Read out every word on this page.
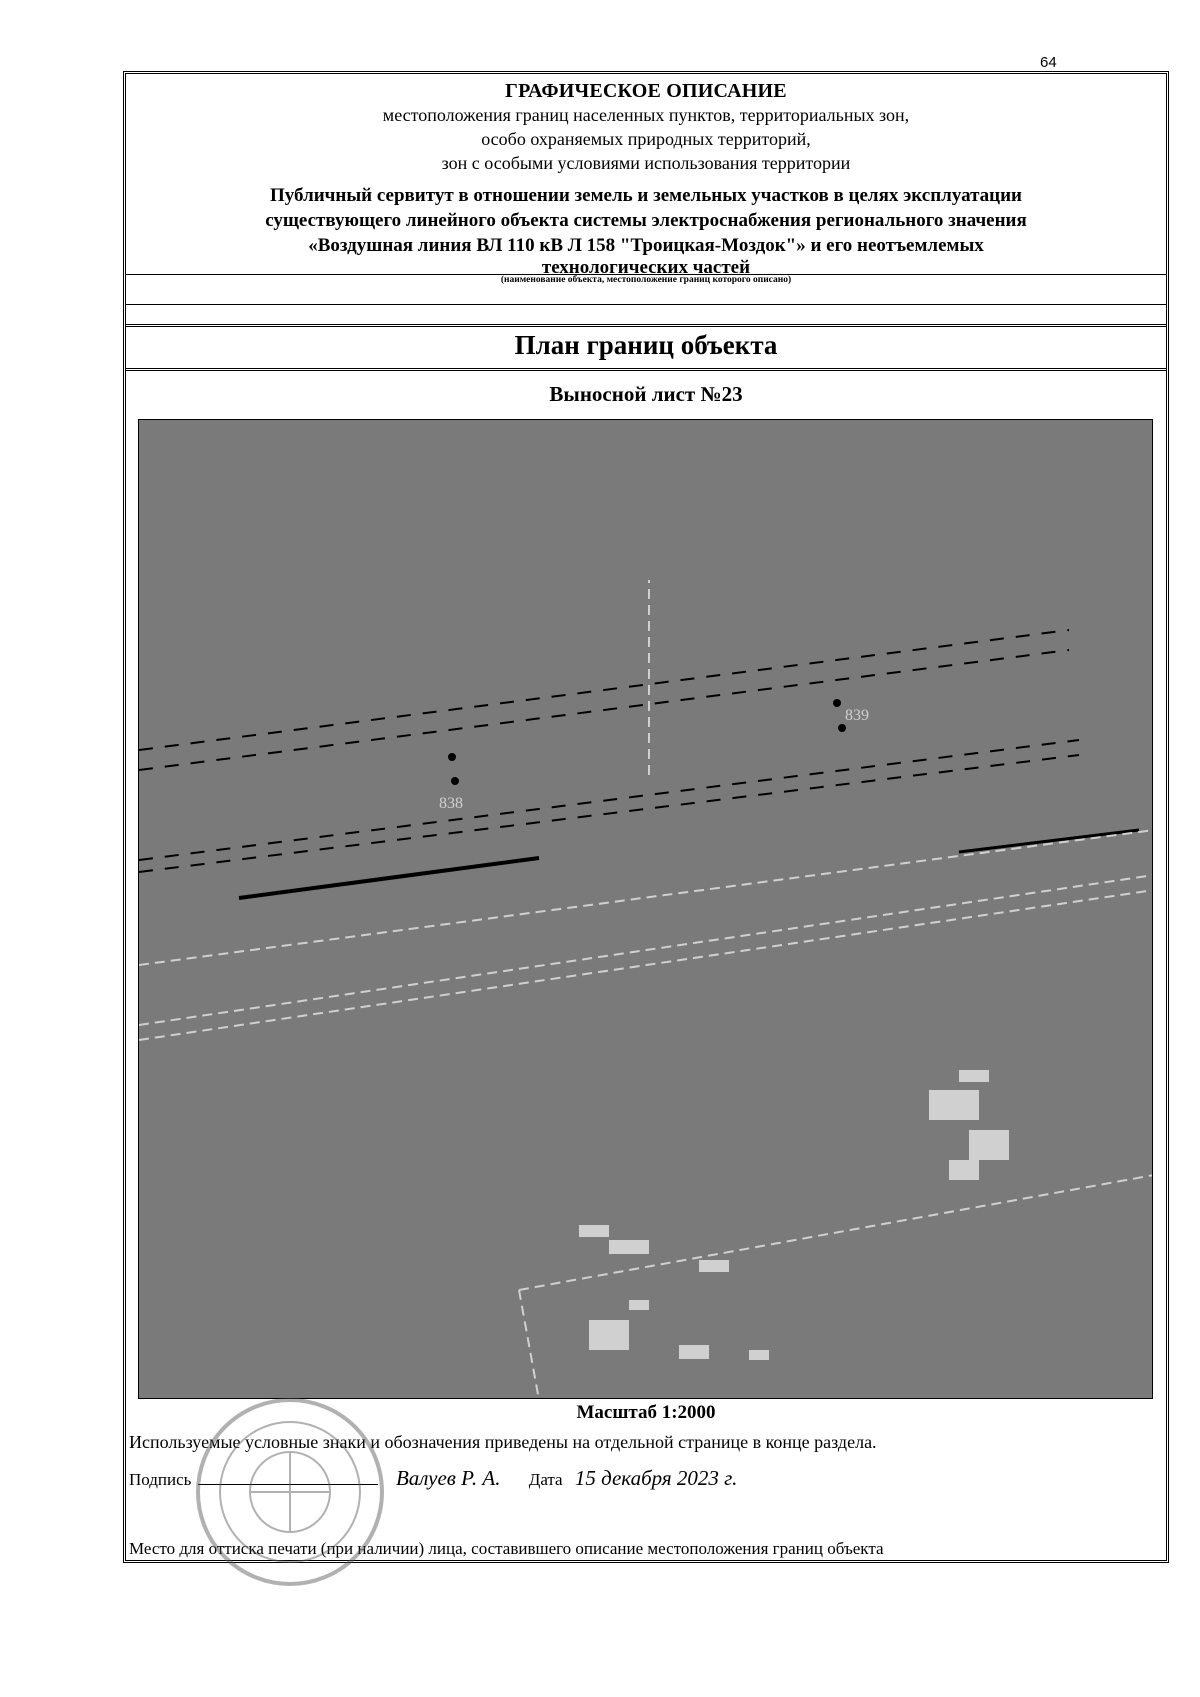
64
ГРАФИЧЕСКОЕ ОПИСАНИЕ
местоположения границ населенных пунктов, территориальных зон,
особо охраняемых природных территорий,
зон с особыми условиями использования территории
Публичный сервитут в отношении земель и земельных участков в целях эксплуатации
существующего линейного объекта системы электроснабжения регионального значения
«Воздушная линия ВЛ 110 кВ Л 158 "Троицкая-Моздок"» и его неотъемлемых
технологических частей
(наименование объекта, местоположение границ которого описано)
План границ объекта
Выносной лист №23
839
838
Масштаб 1:2000
Используемые условные знаки и обозначения приведены на отдельной странице в конце раздела.
Подпись	Валуев Р. А. Дата 15 декабря 2023 г.
Место для оттиска печати (при наличии) лица, составившего описание местоположения границ объекта
